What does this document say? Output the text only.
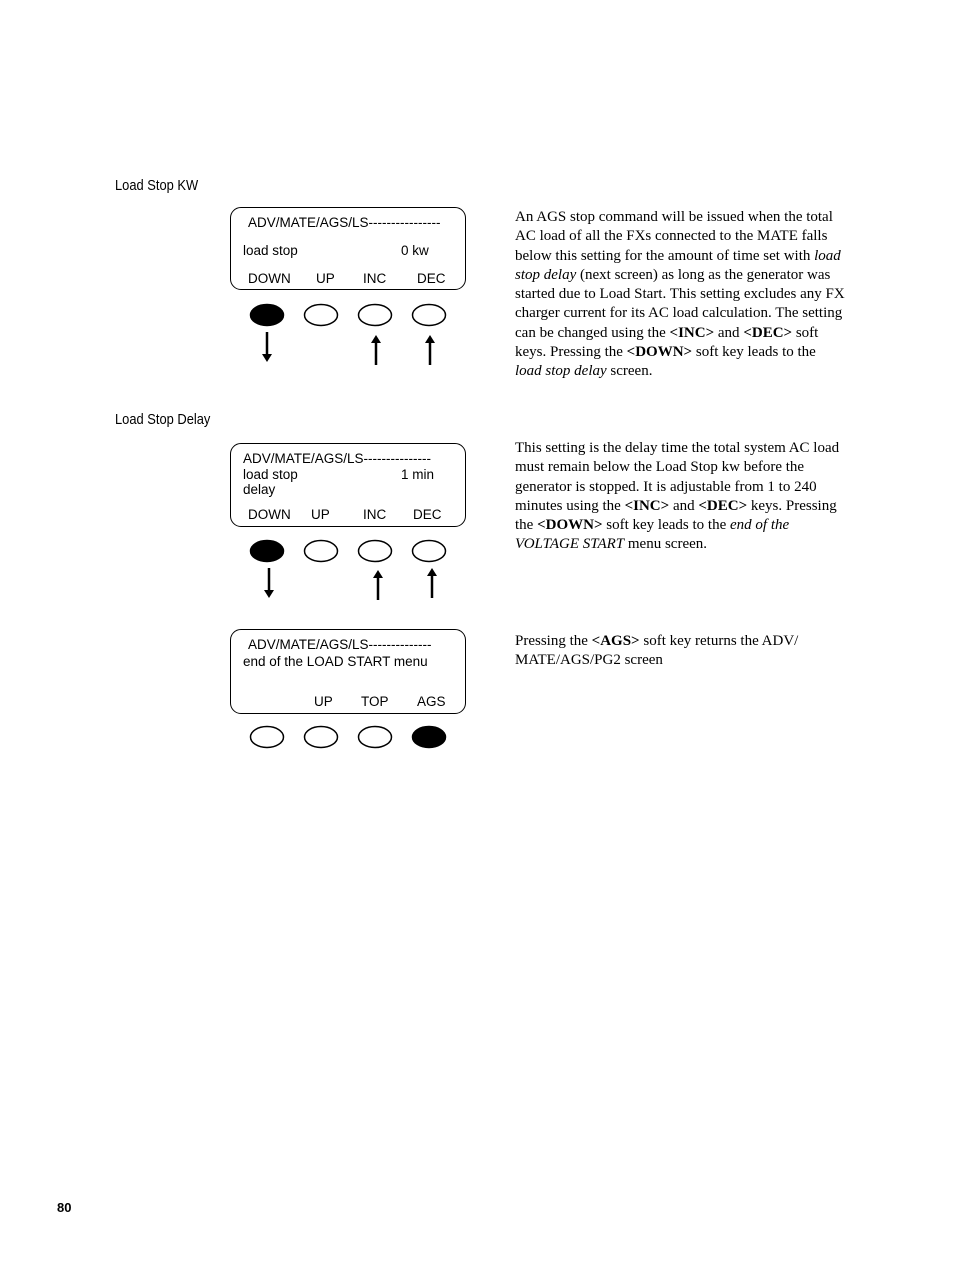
Load Stop KW
ADV/MATE/AGS/LS----------------
load stop	0 kw
DOWN UP INC DEC
An AGS stop command will be issued when the total AC load of all the FXs connected to the MATE falls below this setting for the amount of time set with load stop delay (next screen) as long as the generator was started due to Load Start. This setting excludes any FX charger current for its AC load calculation. The setting can be changed using the <INC> and <DEC> soft keys. Pressing the <DOWN> soft key leads to the load stop delay screen.
Load Stop Delay
ADV/MATE/AGS/LS---------------
load stop
delay
1 min
DOWN UP INC DEC
This setting is the delay time the total system AC load must remain below the Load Stop kw before the generator is stopped. It is adjustable from 1 to 240 minutes using the <INC> and <DEC> keys. Pressing the <DOWN> soft key leads to the end of the VOLTAGE START menu screen.
ADV/MATE/AGS/LS--------------
end of the LOAD START menu
UP TOP AGS
Pressing the <AGS> soft key returns the ADV/ MATE/AGS/PG2 screen
80
